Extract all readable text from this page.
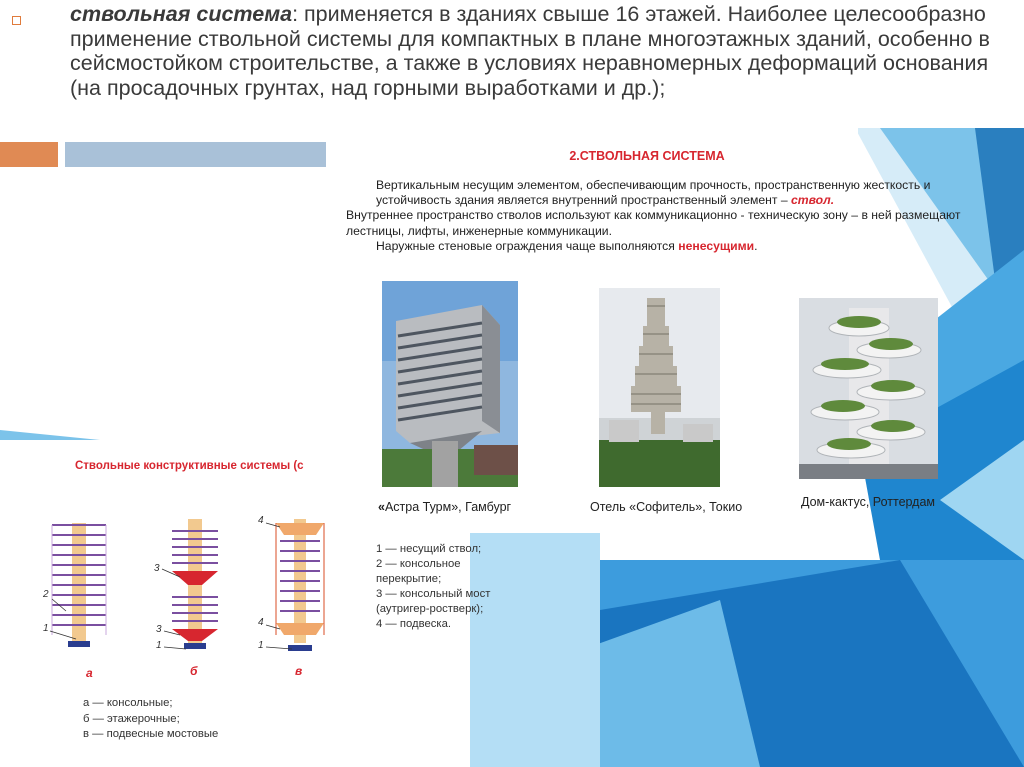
ствольная система: применяется в зданиях свыше 16 этажей. Наиболее целесообразно применение ствольной системы для компактных в плане многоэтажных зданий, особенно в сейсмостойком строительстве, а также в условиях неравномерных деформаций основания (на просадочных грунтах, над горными выработками и др.);
2.СТВОЛЬНАЯ СИСТЕМА

Вертикальным несущим элементом, обеспечивающим прочность, пространственную жесткость и устойчивость здания является внутренний пространственный элемент – ствол.

Внутреннее пространство стволов используют как коммуникационно - техническую зону – в ней размещают лестницы, лифты, инженерные коммуникации.

Наружные стеновые ограждения чаще выполняются ненесущими.

«Астра Турм», Гамбург	Отель «Софитель», Токио	Дом-кактус, Роттердам
Ствольные конструктивные системы (с
2
1
3
3
1
4
4
1
а	б	в
1 — несущий ствол;
2 — консольное
перекрытие;
3 — консольный мост
(аутригер-ростверк);
4 — подвеска.
а — консольные;
б — этажерочные;
в — подвесные мостовые
